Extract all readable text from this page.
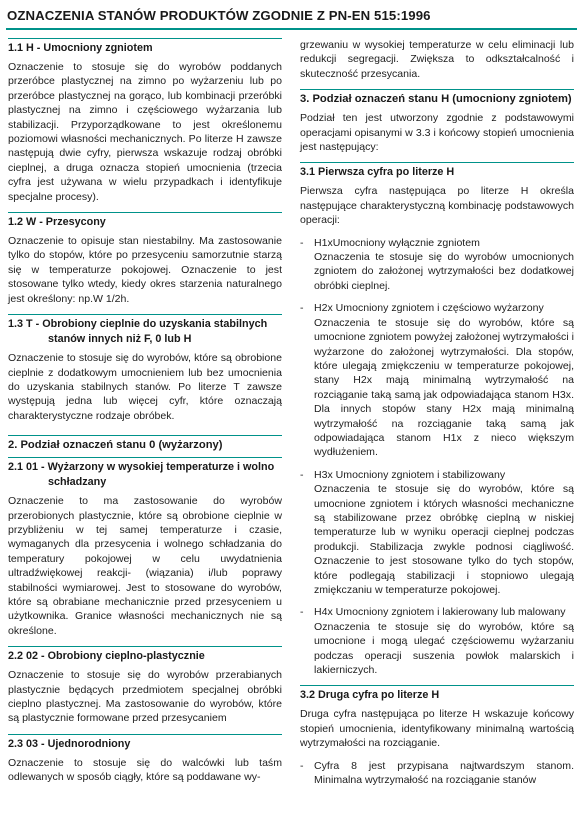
OZNACZENIA STANÓW PRODUKTÓW ZGODNIE Z PN-EN 515:1996
1.1 H - Umocniony zgniotem

Oznaczenie to stosuje się do wyrobów poddanych przeróbce plastycznej na zimno po wyżarzeniu lub po przeróbce plastycznej na gorąco, lub kombinacji przeróbki plastycznej na zimno i częściowego wyżarzania lub stabilizacji. Przyporządkowane to jest określonemu poziomowi własności mechanicznych. Po literze H zawsze następują dwie cyfry, pierwsza wskazuje rodzaj obróbki cieplnej, a druga oznacza stopień umocnienia (trzecia cyfra jest używana w wielu przypadkach i identyfikuje specjalne procesy).

1.2 W - Przesycony

Oznaczenie to opisuje stan niestabilny. Ma zastosowanie tylko do stopów, które po przesyceniu samorzutnie starzą się w temperaturze pokojowej. Oznaczenie to jest stosowane tylko wtedy, kiedy okres starzenia naturalnego jest określony: np.W 1/2h.

1.3 T - Obrobiony cieplnie do uzyskania stabilnych stanów innych niż F, 0 lub H

Oznaczenie to stosuje się do wyrobów, które są obrobione cieplnie z dodatkowym umocnieniem lub bez umocnienia do uzyskania stabilnych stanów. Po literze T zawsze występują jedna lub więcej cyfr, które oznaczają charakterystyczne rodzaje obróbek.

2. Podział oznaczeń stanu 0 (wyżarzony)
2.1 01 - Wyżarzony w wysokiej temperaturze i wolno schładzany

Oznaczenie to ma zastosowanie do wyrobów przerobionych plastycznie, które są obrobione cieplnie w przybliżeniu w tej samej temperaturze i czasie, wymaganych dla przesycenia i wolnego schładzania do temperatury pokojowej w celu uwydatnienia ultradźwiękowej reakcji- (wiązania) i/lub poprawy stabilności wymiarowej. Jest to stosowane do wyrobów, które są obrabiane mechanicznie przed przesyceniem u użytkownika. Granice własności mechanicznych nie są określone.

2.2 02 - Obrobiony cieplno-plastycznie

Oznaczenie to stosuje się do wyrobów przerabianych plastycznie będących przedmiotem specjalnej obróbki cieplno plastycznej. Ma zastosowanie do wyrobów, które są plastycznie formowane przed przesycaniem

2.3 03 - Ujednorodniony

Oznaczenie to stosuje się do walcówki lub taśm odlewanych w sposób ciągły, które są poddawane wy-

grzewaniu w wysokiej temperaturze w celu eliminacji lub redukcji segregacji. Zwiększa to odkształcalność i skuteczność przesycania.

3. Podział oznaczeń stanu H (umocniony zgniotem)

Podział ten jest utworzony zgodnie z podstawowymi operacjami opisanymi w 3.3 i końcowy stopień umocnienia jest następujący:

3.1 Pierwsza cyfra po literze H

Pierwsza cyfra następująca po literze H określa następujące charakterystyczną kombinację podstawowych operacji:

- H1xUmocniony wyłącznie zgniotem
Oznaczenia te stosuje się do wyrobów umocnionych zgniotem do założonej wytrzymałości bez dodatkowej obróbki cieplnej.
- H2x Umocniony zgniotem i częściowo wyżarzony
Oznaczenia te stosuje się do wyrobów, które są umocnione zgniotem powyżej założonej wytrzymałości i wyżarzone do założonej wytrzymałości. Dla stopów, które ulegają zmiękczeniu w temperaturze pokojowej, stany H2x mają minimalną wytrzymałość na rozciąganie taką samą jak odpowiadająca stanom H3x. Dla innych stopów stany H2x mają minimalną wytrzymałość na rozciąganie taką samą jak odpowiadająca stanom H1x z nieco większym wydłużeniem.
- H3x Umocniony zgniotem i stabilizowany
Oznaczenia te stosuje się do wyrobów, które są umocnione zgniotem i których własności mechaniczne są stabilizowane przez obróbkę cieplną w niskiej temperaturze lub w wyniku operacji cieplnej podczas produkcji. Stabilizacja zwykle podnosi ciągliwość. Oznaczenie to jest stosowane tylko do tych stopów, które podlegają stabilizacji i stopniowo ulegają zmiękczaniu w temperaturze pokojowej.
- H4x Umocniony zgniotem i lakierowany lub malowany
Oznaczenia te stosuje się do wyrobów, które są umocnione i mogą ulegać częściowemu wyżarzaniu podczas operacji suszenia powłok malarskich i lakierniczych.
3.2 Druga cyfra po literze H

Druga cyfra następująca po literze H wskazuje końcowy stopień umocnienia, identyfikowany minimalną wartością wytrzymałości na rozciąganie.

- Cyfra 8 jest przypisana najtwardszym stanom. Minimalna wytrzymałość na rozciąganie stanów
